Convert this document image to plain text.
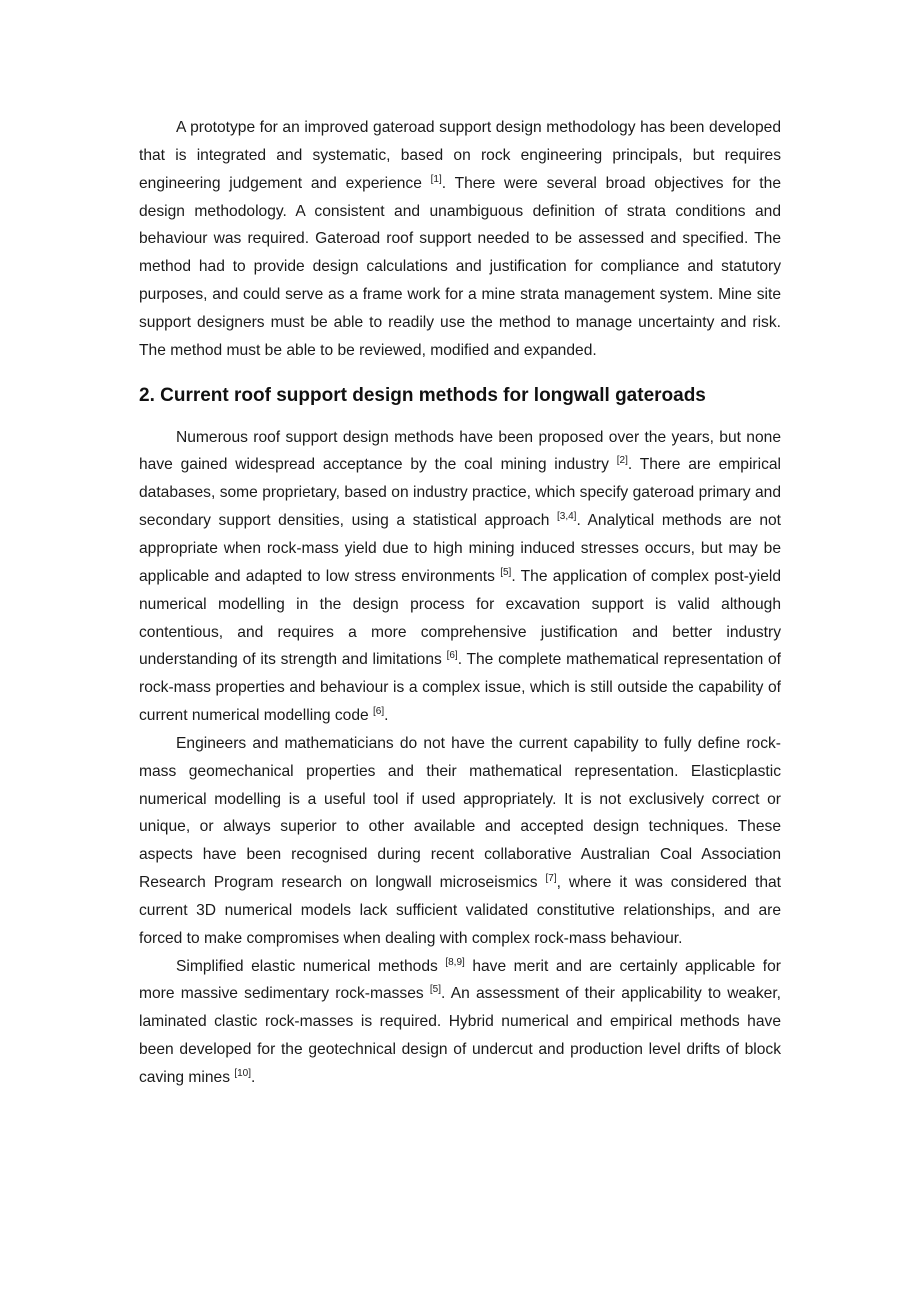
A prototype for an improved gateroad support design methodology has been developed that is integrated and systematic, based on rock engineering principals, but requires engineering judgement and experience [1]. There were several broad objectives for the design methodology. A consistent and unambiguous definition of strata conditions and behaviour was required. Gateroad roof support needed to be assessed and specified. The method had to provide design calculations and justification for compliance and statutory purposes, and could serve as a frame work for a mine strata management system. Mine site support designers must be able to readily use the method to manage uncertainty and risk. The method must be able to be reviewed, modified and expanded.

2. Current roof support design methods for longwall gateroads

Numerous roof support design methods have been proposed over the years, but none have gained widespread acceptance by the coal mining industry [2]. There are empirical databases, some proprietary, based on industry practice, which specify gateroad primary and secondary support densities, using a statistical approach [3,4]. Analytical methods are not appropriate when rock-mass yield due to high mining induced stresses occurs, but may be applicable and adapted to low stress environments [5]. The application of complex post-yield numerical modelling in the design process for excavation support is valid although contentious, and requires a more comprehensive justification and better industry understanding of its strength and limitations [6]. The complete mathematical representation of rock-mass properties and behaviour is a complex issue, which is still outside the capability of current numerical modelling code [6].

Engineers and mathematicians do not have the current capability to fully define rock-mass geomechanical properties and their mathematical representation. Elasticplastic numerical modelling is a useful tool if used appropriately. It is not exclusively correct or unique, or always superior to other available and accepted design techniques. These aspects have been recognised during recent collaborative Australian Coal Association Research Program research on longwall microseismics [7], where it was considered that current 3D numerical models lack sufficient validated constitutive relationships, and are forced to make compromises when dealing with complex rock-mass behaviour.

Simplified elastic numerical methods [8,9] have merit and are certainly applicable for more massive sedimentary rock-masses [5]. An assessment of their applicability to weaker, laminated clastic rock-masses is required. Hybrid numerical and empirical methods have been developed for the geotechnical design of undercut and production level drifts of block caving mines [10].
